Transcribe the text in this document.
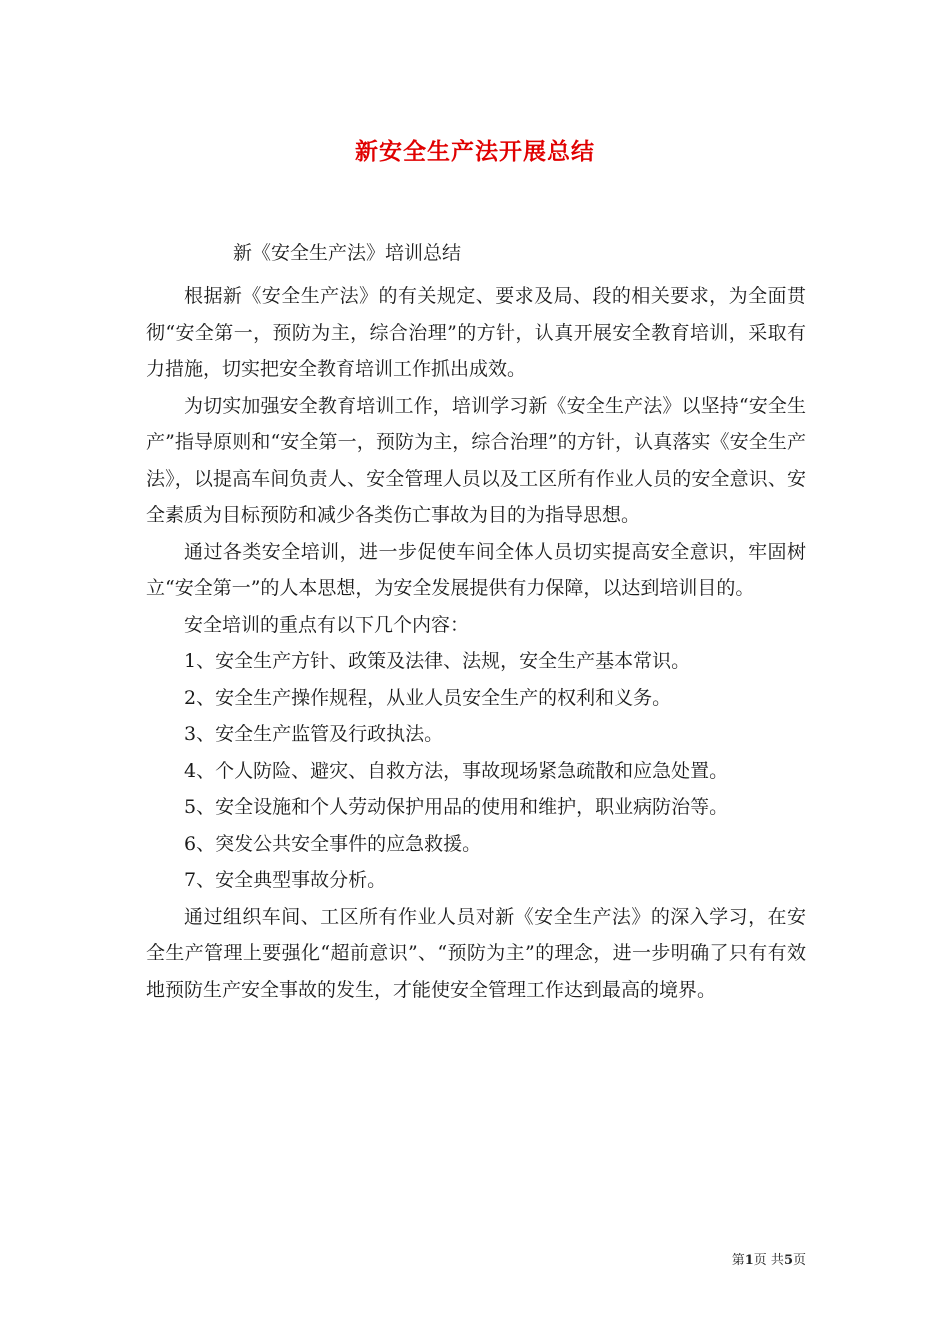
新安全生产法开展总结
新《安全生产法》培训总结

根据新《安全生产法》的有关规定、要求及局、段的相关要求，为全面贯彻“安全第一，预防为主，综合治理”的方针，认真开展安全教育培训，采取有力措施，切实把安全教育培训工作抓出成效。

为切实加强安全教育培训工作，培训学习新《安全生产法》以坚持“安全生产”指导原则和“安全第一，预防为主，综合治理”的方针，认真落实《安全生产法》，以提高车间负责人、安全管理人员以及工区所有作业人员的安全意识、安全素质为目标预防和减少各类伤亡事故为目的为指导思想。

通过各类安全培训，进一步促使车间全体人员切实提高安全意识，牢固树立“安全第一”的人本思想，为安全发展提供有力保障，以达到培训目的。

安全培训的重点有以下几个内容：

1、安全生产方针、政策及法律、法规，安全生产基本常识。

2、安全生产操作规程，从业人员安全生产的权利和义务。

3、安全生产监管及行政执法。

4、个人防险、避灾、自救方法，事故现场紧急疏散和应急处置。

5、安全设施和个人劳动保护用品的使用和维护，职业病防治等。

6、突发公共安全事件的应急救援。

7、安全典型事故分析。

通过组织车间、工区所有作业人员对新《安全生产法》的深入学习，在安全生产管理上要强化“超前意识”、“预防为主”的理念，进一步明确了只有有效地预防生产安全事故的发生，才能使安全管理工作达到最高的境界。

第1页 共5页
